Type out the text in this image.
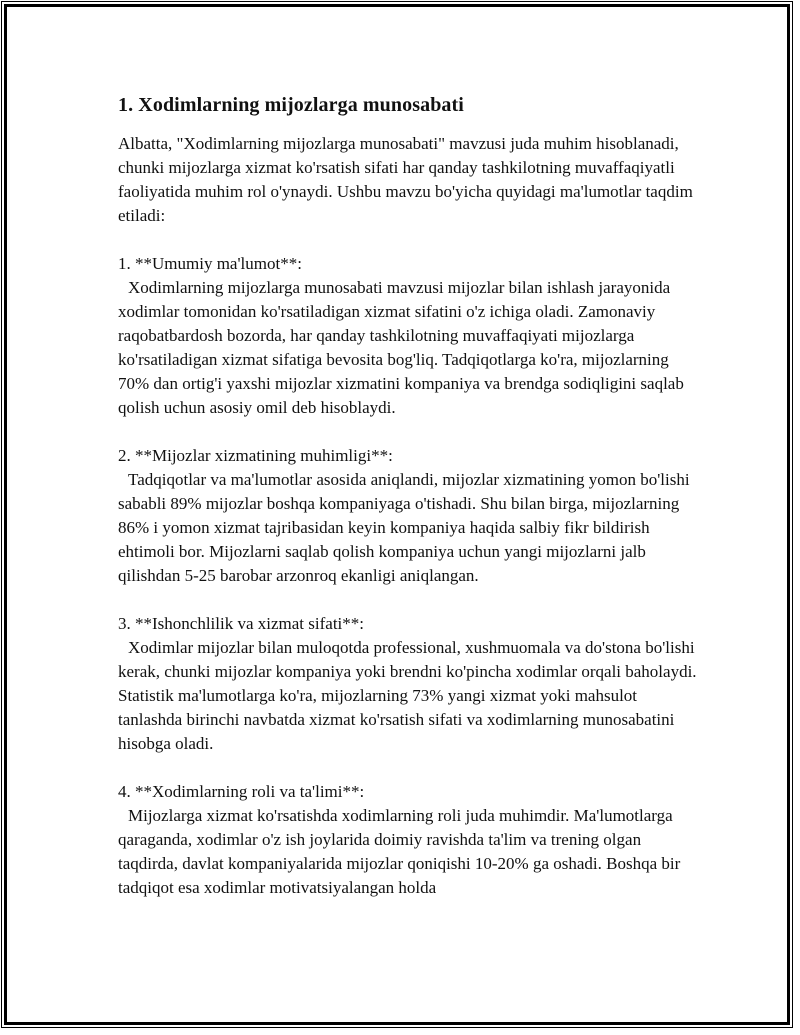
1. Xodimlarning mijozlarga munosabati

Albatta, "Xodimlarning mijozlarga munosabati" mavzusi juda muhim hisoblanadi, chunki mijozlarga xizmat ko'rsatish sifati har qanday tashkilotning muvaffaqiyatli faoliyatida muhim rol o'ynaydi. Ushbu mavzu bo'yicha quyidagi ma'lumotlar taqdim etiladi:

1. **Umumiy ma'lumot**:

Xodimlarning mijozlarga munosabati mavzusi mijozlar bilan ishlash jarayonida xodimlar tomonidan ko'rsatiladigan xizmat sifatini o'z ichiga oladi. Zamonaviy raqobatbardosh bozorda, har qanday tashkilotning muvaffaqiyati mijozlarga ko'rsatiladigan xizmat sifatiga bevosita bog'liq. Tadqiqotlarga ko'ra, mijozlarning 70% dan ortig'i yaxshi mijozlar xizmatini kompaniya va brendga sodiqligini saqlab qolish uchun asosiy omil deb hisoblaydi.

2. **Mijozlar xizmatining muhimligi**:

Tadqiqotlar va ma'lumotlar asosida aniqlandi, mijozlar xizmatining yomon bo'lishi sababli 89% mijozlar boshqa kompaniyaga o'tishadi. Shu bilan birga, mijozlarning 86% i yomon xizmat tajribasidan keyin kompaniya haqida salbiy fikr bildirish ehtimoli bor. Mijozlarni saqlab qolish kompaniya uchun yangi mijozlarni jalb qilishdan 5-25 barobar arzonroq ekanligi aniqlangan.

3. **Ishonchlilik va xizmat sifati**:

Xodimlar mijozlar bilan muloqotda professional, xushmuomala va do'stona bo'lishi kerak, chunki mijozlar kompaniya yoki brendni ko'pincha xodimlar orqali baholaydi. Statistik ma'lumotlarga ko'ra, mijozlarning 73% yangi xizmat yoki mahsulot tanlashda birinchi navbatda xizmat ko'rsatish sifati va xodimlarning munosabatini hisobga oladi.

4. **Xodimlarning roli va ta'limi**:

Mijozlarga xizmat ko'rsatishda xodimlarning roli juda muhimdir. Ma'lumotlarga qaraganda, xodimlar o'z ish joylarida doimiy ravishda ta'lim va trening olgan taqdirda, davlat kompaniyalarida mijozlar qoniqishi 10-20% ga oshadi. Boshqa bir tadqiqot esa xodimlar motivatsiyalangan holda
